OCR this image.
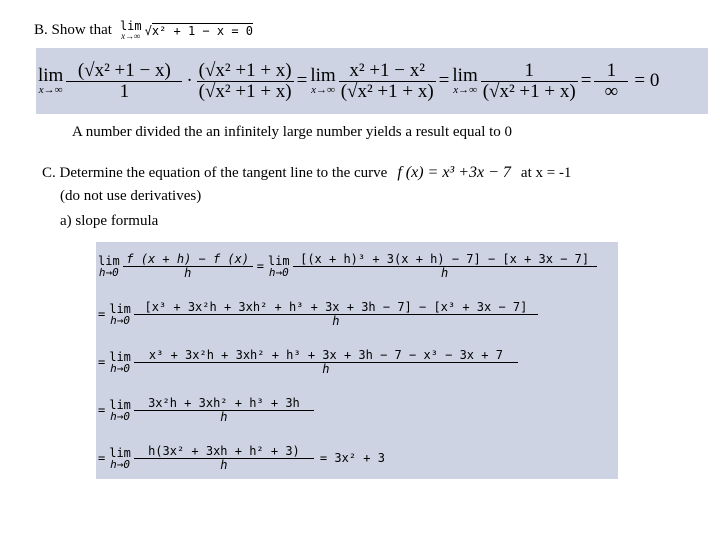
B. Show that lim
x→∞ √x² + 1 − x = 0
lim
$x\to\infty \frac{\text{(√x² +1 − x)}}{1} \cdot \frac{\text{(√x² +1 + x)}}{\text{(√x² +1 + x)}} = \lim$
$x\to\infty \frac{\text{x² +1 − x²}}{\text{(√x² +1 + x)}} = \lim$
$x\to\infty \frac{1}{\text{(√x² +1 + x)}} = \frac{1}{\infty} = 0$
A number divided the an infinitely large number yields a result equal to 0
C. Determine the equation of the tangent line to the curve f (x) = x³ +3x − 7 at x = -1
(do not use derivatives)
a) slope formula
lim
$h\to 0 \frac{f (x + h) - f (x)}{h} = \lim$
$h\to 0 \frac{\text{[(x + h)³ + 3(x + h) − 7] − [x + 3x − 7]}}{h}$
= lim
$h\to 0 \frac{\text{[x³ + 3x²h + 3xh² + h³ + 3x + 3h − 7] − [x³ + 3x − 7]}}{h}$
= lim
$h\to 0 \frac{\text{x³ + 3x²h + 3xh² + h³ + 3x + 3h − 7 − x³ − 3x + 7}}{h}$
= lim
$h\to 0 \frac{\text{3x²h + 3xh² + h³ + 3h}}{h}$
= lim
$h\to 0 \frac{\text{h(3x² + 3xh + h² + 3)}}{h} = 3x^2 + 3$
